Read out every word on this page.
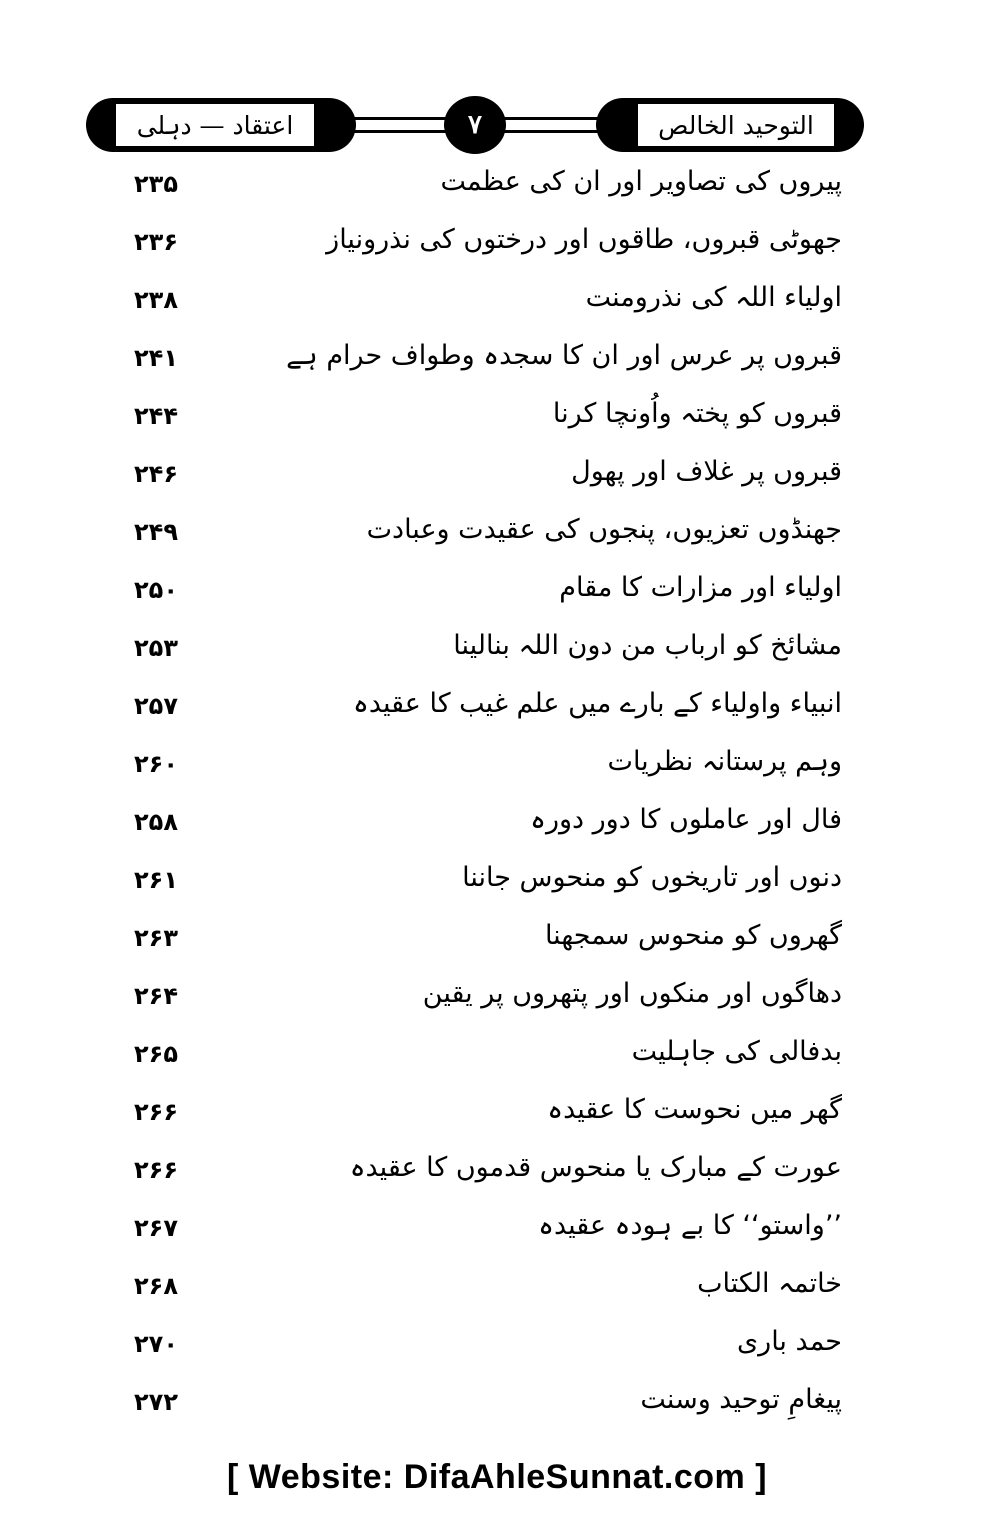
اعتقاد — دہلی	۷	التوحید الخالص
پیروں کی تصاویر اور ان کی عظمت
۲۳۵
جھوٹی قبروں، طاقوں اور درختوں کی نذرونیاز
۲۳۶
اولیاء اللہ کی نذرومنت
۲۳۸
قبروں پر عرس اور ان کا سجدہ وطواف حرام ہے
۲۴۱
قبروں کو پختہ واُونچا کرنا
۲۴۴
قبروں پر غلاف اور پھول
۲۴۶
جھنڈوں تعزیوں، پنجوں کی عقیدت وعبادت
۲۴۹
اولیاء اور مزارات کا مقام
۲۵۰
مشائخ کو ارباب من دون اللہ بنالینا
۲۵۳
انبیاء واولیاء کے بارے میں علم غیب کا عقیدہ
۲۵۷
وہم پرستانہ نظریات
۲۶۰
فال اور عاملوں کا دور دورہ
۲۵۸
دنوں اور تاریخوں کو منحوس جاننا
۲۶۱
گھروں کو منحوس سمجھنا
۲۶۳
دھاگوں اور منکوں اور پتھروں پر یقین
۲۶۴
بدفالی کی جاہلیت
۲۶۵
گھر میں نحوست کا عقیدہ
۲۶۶
عورت کے مبارک یا منحوس قدموں کا عقیدہ
۲۶۶
’’واستو‘‘ کا بے ہودہ عقیدہ
۲۶۷
خاتمہ الکتاب
۲۶۸
حمد باری
۲۷۰
پیغامِ توحید وسنت
۲۷۲
[ Website: DifaAhleSunnat.com ]
